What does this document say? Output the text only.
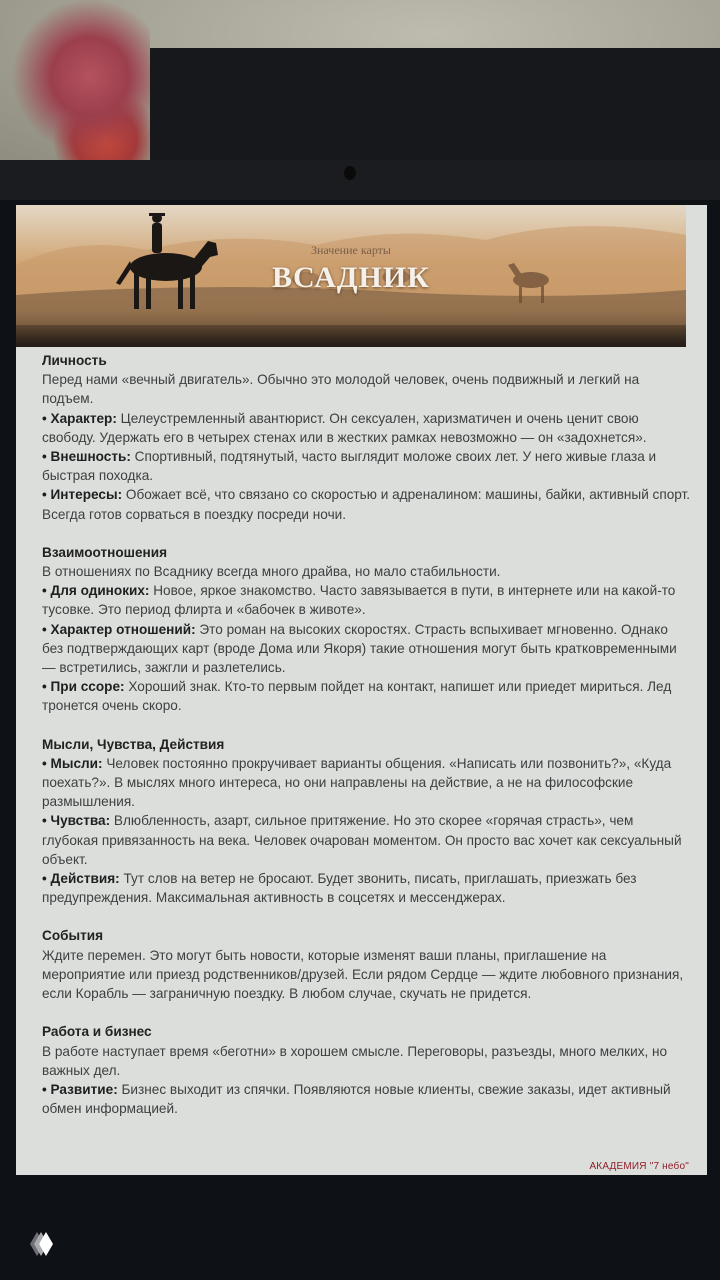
Значение карты
ВСАДНИК
Личность

Перед нами «вечный двигатель». Обычно это молодой человек, очень подвижный и легкий на подъем.

• Характер: Целеустремленный авантюрист. Он сексуален, харизматичен и очень ценит свою свободу. Удержать его в четырех стенах или в жестких рамках невозможно — он «задохнется».

• Внешность: Спортивный, подтянутый, часто выглядит моложе своих лет. У него живые глаза и быстрая походка.

• Интересы: Обожает всё, что связано со скоростью и адреналином: машины, байки, активный спорт. Всегда готов сорваться в поездку посреди ночи.

Взаимоотношения

В отношениях по Всаднику всегда много драйва, но мало стабильности.

• Для одиноких: Новое, яркое знакомство. Часто завязывается в пути, в интернете или на какой-то тусовке. Это период флирта и «бабочек в животе».

• Характер отношений: Это роман на высоких скоростях. Страсть вспыхивает мгновенно. Однако без подтверждающих карт (вроде Дома или Якоря) такие отношения могут быть кратковременными — встретились, зажгли и разлетелись.

• При ссоре: Хороший знак. Кто-то первым пойдет на контакт, напишет или приедет мириться. Лед тронется очень скоро.

Мысли, Чувства, Действия

• Мысли: Человек постоянно прокручивает варианты общения. «Написать или позвонить?», «Куда поехать?». В мыслях много интереса, но они направлены на действие, а не на философские размышления.

• Чувства: Влюбленность, азарт, сильное притяжение. Но это скорее «горячая страсть», чем глубокая привязанность на века. Человек очарован моментом. Он просто вас хочет как сексуальный объект.

• Действия: Тут слов на ветер не бросают. Будет звонить, писать, приглашать, приезжать без предупреждения. Максимальная активность в соцсетях и мессенджерах.

События

Ждите перемен. Это могут быть новости, которые изменят ваши планы, приглашение на мероприятие или приезд родственников/друзей. Если рядом Сердце — ждите любовного признания, если Корабль — заграничную поездку. В любом случае, скучать не придется.

Работа и бизнес

В работе наступает время «беготни» в хорошем смысле. Переговоры, разъезды, много мелких, но важных дел.

• Развитие: Бизнес выходит из спячки. Появляются новые клиенты, свежие заказы, идет активный обмен информацией.

АКАДЕМИЯ "7 небо"
